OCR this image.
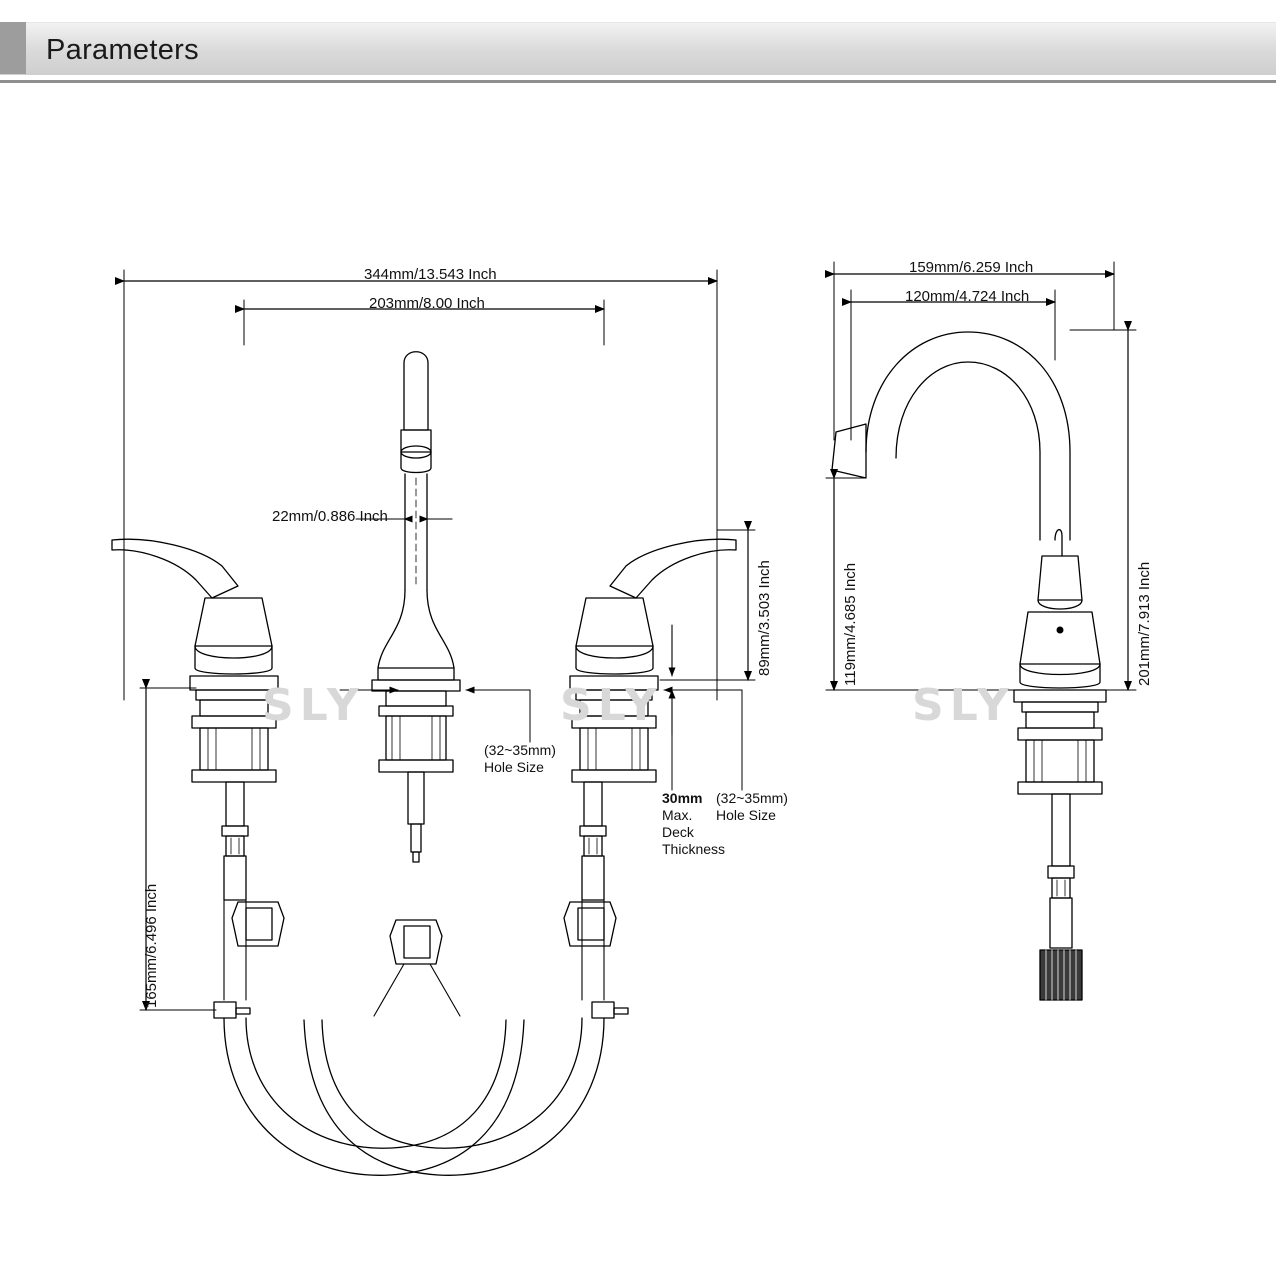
Parameters
SLY	SLY	SLY
344mm/13.543 Inch
203mm/8.00 Inch
22mm/0.886 Inch
89mm/3.503 Inch
165mm/6.496 Inch
159mm/6.259 Inch
120mm/4.724 Inch
119mm/4.685 Inch	201mm/7.913 Inch
(32~35mm)
Hole Size
(32~35mm)
Hole Size
30mm
Max.
Deck
Thickness
